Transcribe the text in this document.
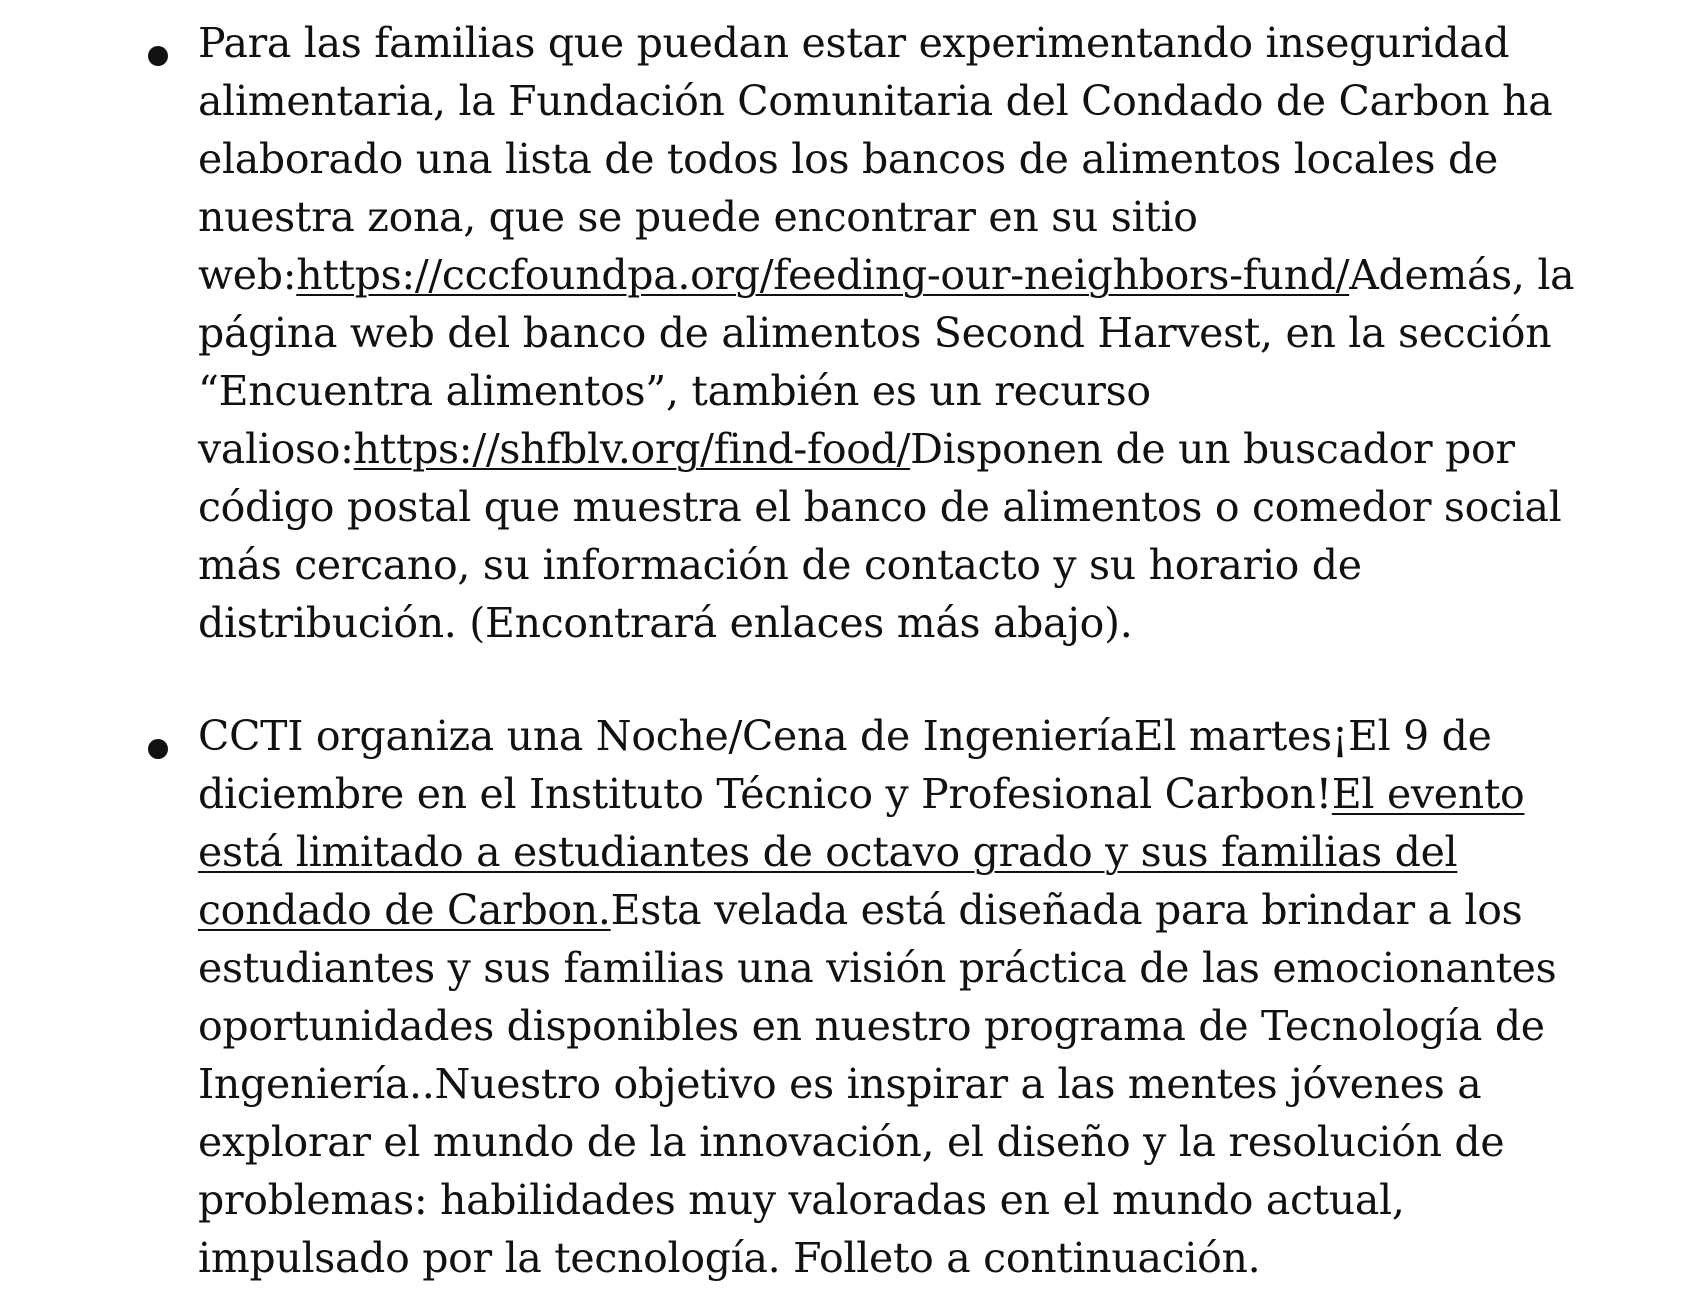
Para las familias que puedan estar experimentando inseguridad alimentaria, la Fundación Comunitaria del Condado de Carbon ha elaborado una lista de todos los bancos de alimentos locales de nuestra zona, que se puede encontrar en su sitio web:https://cccfoundpa.org/feeding-our-neighbors-fund/Además, la página web del banco de alimentos Second Harvest, en la sección “Encuentra alimentos”, también es un recurso valioso:https://shfblv.org/find-food/Disponen de un buscador por código postal que muestra el banco de alimentos o comedor social más cercano, su información de contacto y su horario de distribución. (Encontrará enlaces más abajo).

CCTI organiza una Noche/Cena de IngenieríaEl martes¡El 9 de diciembre en el Instituto Técnico y Profesional Carbon!El evento está limitado a estudiantes de octavo grado y sus familias del condado de Carbon.Esta velada está diseñada para brindar a los estudiantes y sus familias una visión práctica de las emocionantes oportunidades disponibles en nuestro programa de Tecnología de Ingeniería..Nuestro objetivo es inspirar a las mentes jóvenes a explorar el mundo de la innovación, el diseño y la resolución de problemas: habilidades muy valoradas en el mundo actual, impulsado por la tecnología. Folleto a continuación.
